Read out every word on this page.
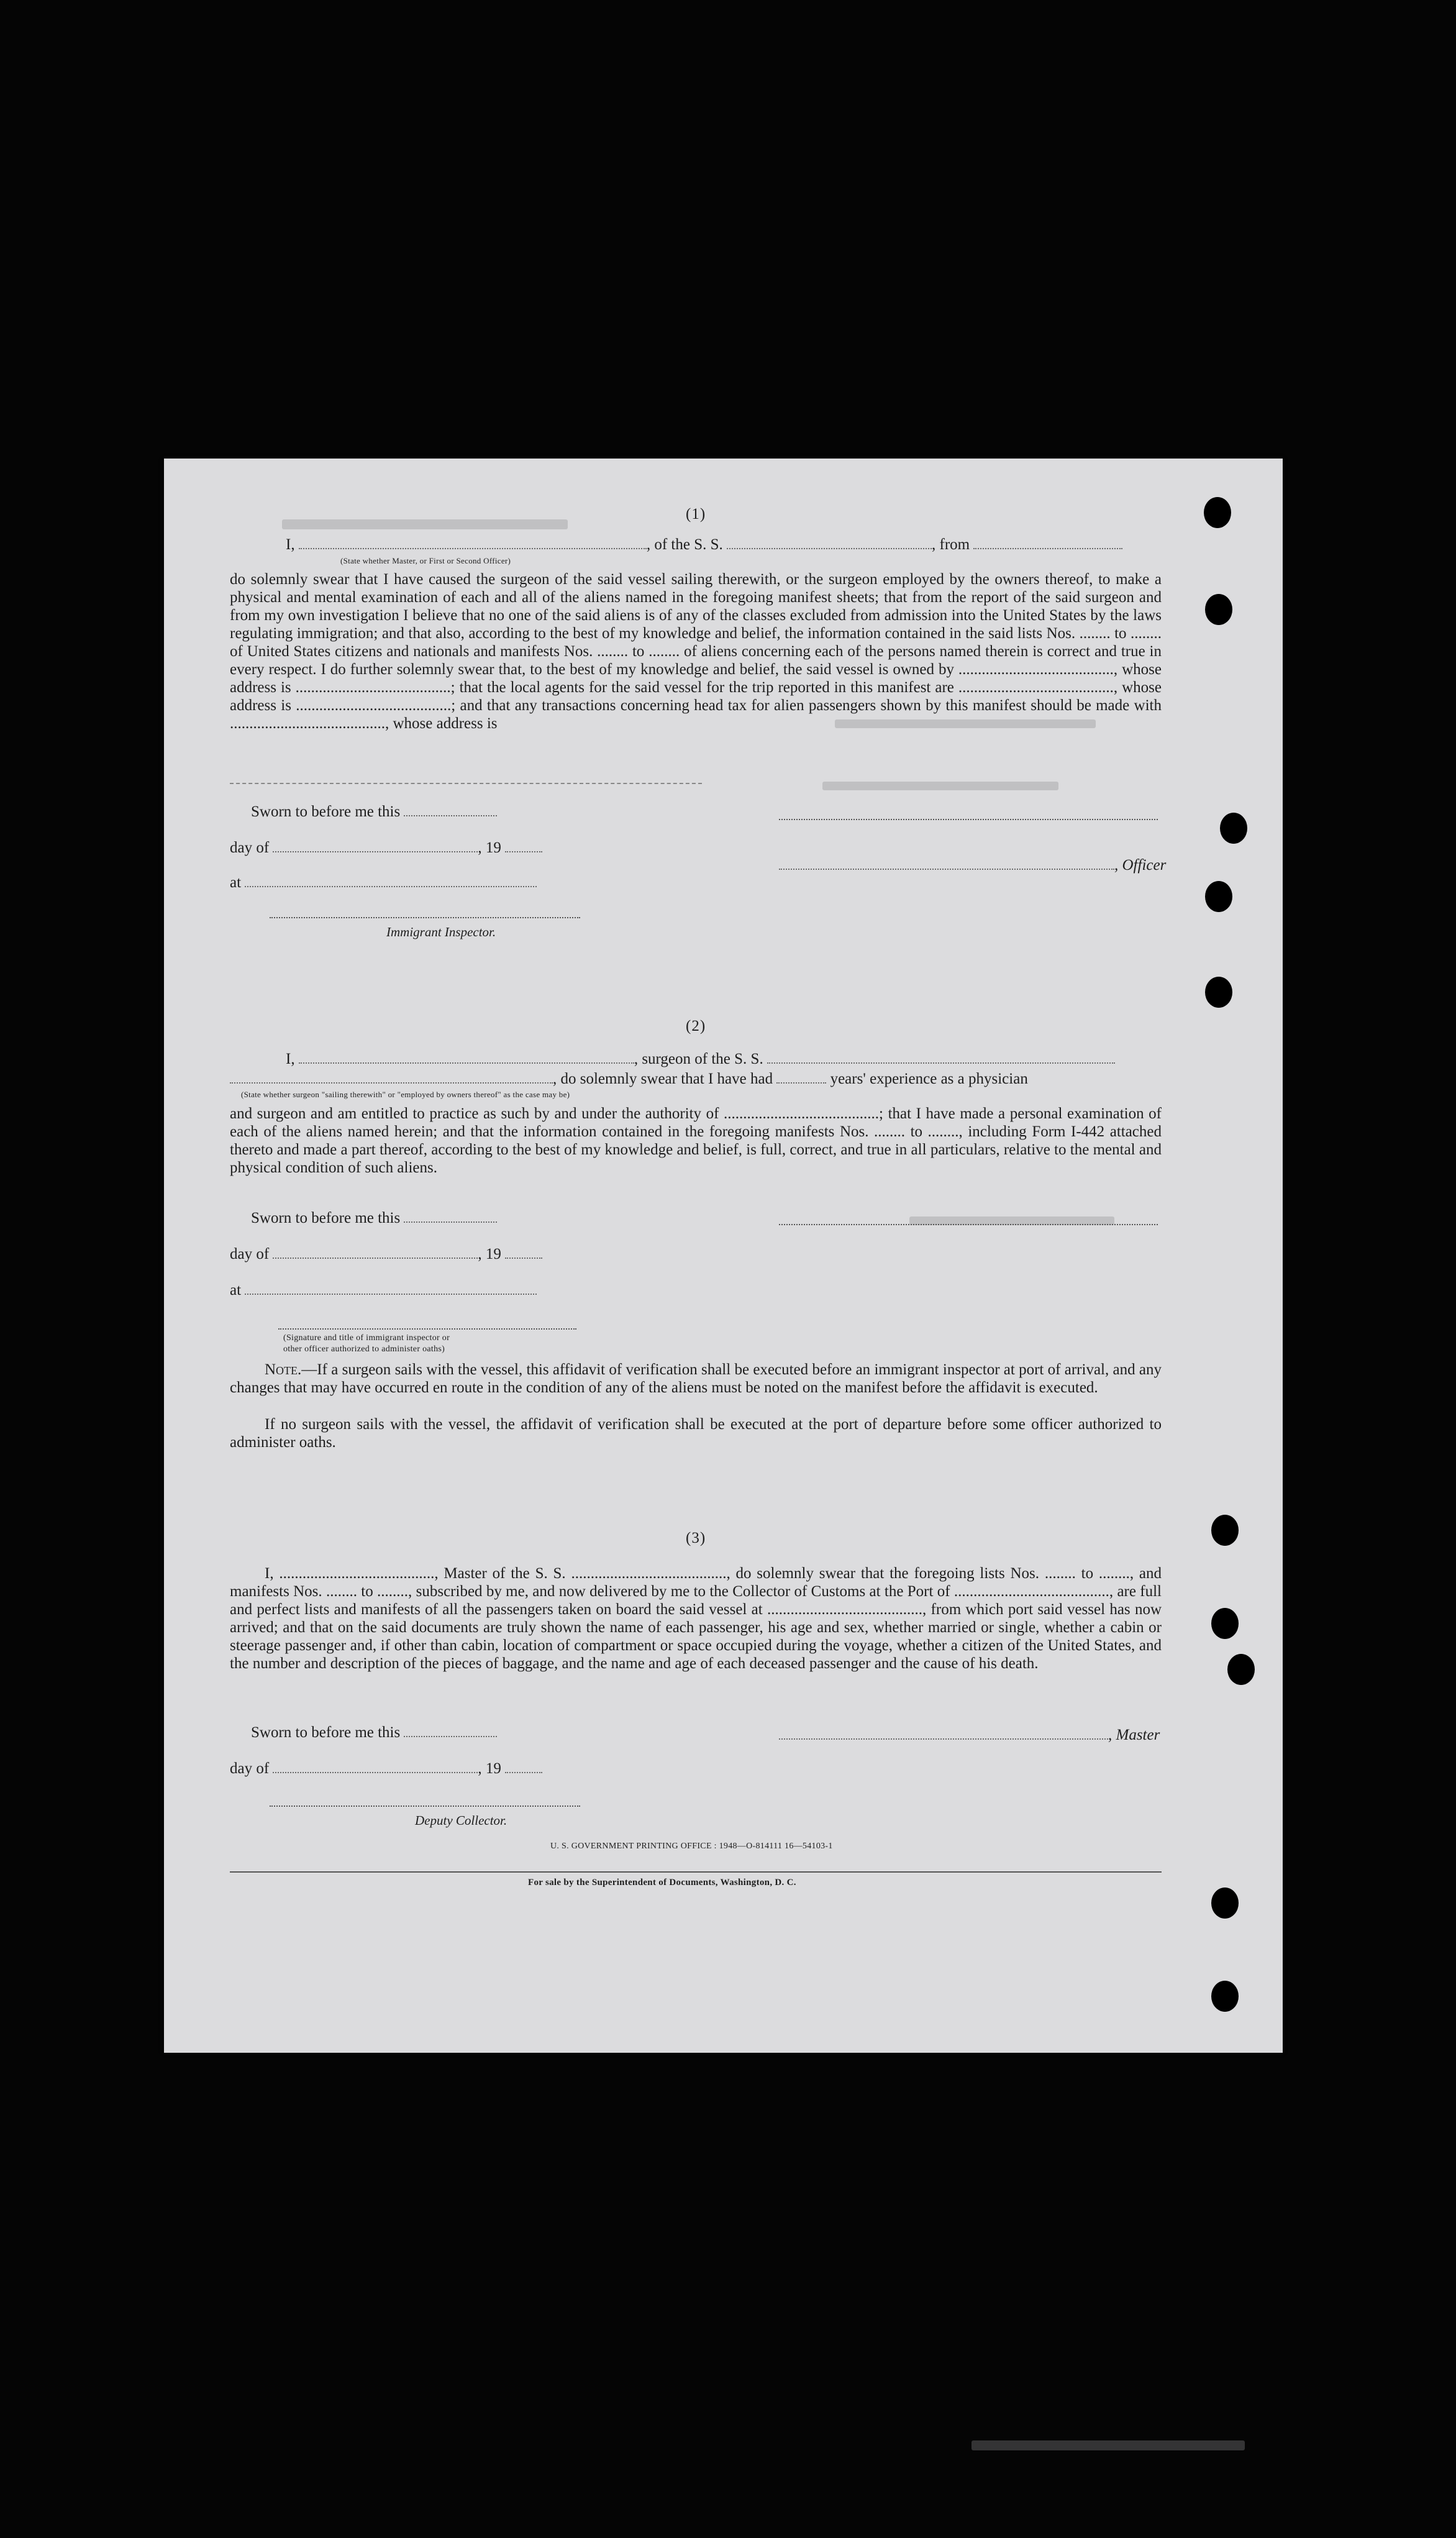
(1)
I,	, of the S. S.	, from
(State whether Master, or First or Second Officer)
do solemnly swear that I have caused the surgeon of the said vessel sailing therewith, or the surgeon employed by the owners thereof, to make a physical and mental examination of each and all of the aliens named in the foregoing manifest sheets; that from the report of the said surgeon and from my own investigation I believe that no one of the said aliens is of any of the classes excluded from admission into the United States by the laws regulating immigration; and that also, according to the best of my knowledge and belief, the information contained in the said lists Nos. ........ to ........ of United States citizens and nationals and manifests Nos. ........ to ........ of aliens concerning each of the persons named therein is correct and true in every respect. I do further solemnly swear that, to the best of my knowledge and belief, the said vessel is owned by ........................................, whose address is ........................................; that the local agents for the said vessel for the trip reported in this manifest are ........................................, whose address is ........................................; and that any transactions concerning head tax for alien passengers shown by this manifest should be made with ........................................, whose address is
Sworn to before me this
day of	, 19
, Officer
at
Immigrant Inspector.
(2)
I,	, surgeon of the S. S.
, do solemnly swear that I have had	years' experience as a physician
(State whether surgeon "sailing therewith" or "employed by owners thereof" as the case may be)
and surgeon and am entitled to practice as such by and under the authority of ........................................; that I have made a personal examination of each of the aliens named herein; and that the information contained in the foregoing manifests Nos. ........ to ........, including Form I-442 attached thereto and made a part thereof, according to the best of my knowledge and belief, is full, correct, and true in all particulars, relative to the mental and physical condition of such aliens.
Sworn to before me this
day of	, 19
at
(Signature and title of immigrant inspector or
other officer authorized to administer oaths)
Note.—If a surgeon sails with the vessel, this affidavit of verification shall be executed before an immigrant inspector at port of arrival, and any changes that may have occurred en route in the condition of any of the aliens must be noted on the manifest before the affidavit is executed.
If no surgeon sails with the vessel, the affidavit of verification shall be executed at the port of departure before some officer authorized to administer oaths.
(3)
I, ........................................, Master of the S. S. ........................................, do solemnly swear that the foregoing lists Nos. ........ to ........, and manifests Nos. ........ to ........, subscribed by me, and now delivered by me to the Collector of Customs at the Port of ........................................, are full and perfect lists and manifests of all the passengers taken on board the said vessel at ........................................, from which port said vessel has now arrived; and that on the said documents are truly shown the name of each passenger, his age and sex, whether married or single, whether a cabin or steerage passenger and, if other than cabin, location of compartment or space occupied during the voyage, whether a citizen of the United States, and the number and description of the pieces of baggage, and the name and age of each deceased passenger and the cause of his death.
Sworn to before me this	, Master
day of	, 19
Deputy Collector.
U. S. GOVERNMENT PRINTING OFFICE : 1948—O-814111 16—54103-1
For sale by the Superintendent of Documents, Washington, D. C.
